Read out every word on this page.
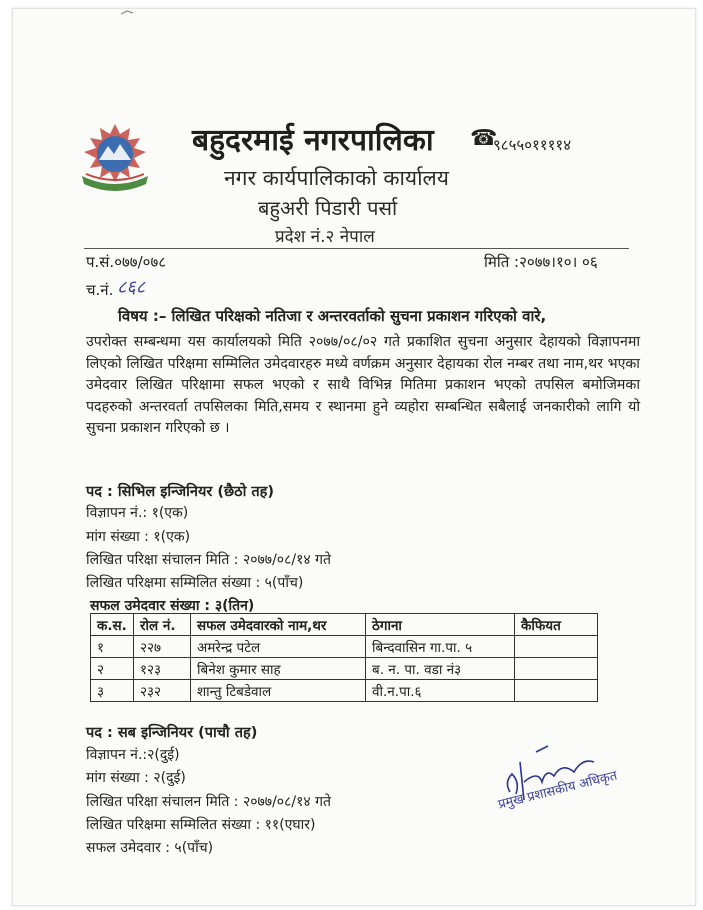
बहुदरमाई नगरपालिका ☎
९८५५०११११४
नगर कार्यपालिकाको कार्यालय
बहुअरी पिडारी पर्सा
प्रदेश नं.२ नेपाल
प.सं.०७७/०७८	मिति :२०७७।१०। ०६
च.नं. ८६८
विषय :– लिखित परिक्षको नतिजा र अन्तरवर्ताको सुचना प्रकाशन गरिएको वारे,
उपरोक्त सम्बन्धमा यस कार्यालयको मिति २०७७/०८/०२ गते प्रकाशित सुचना अनुसार देहायको विज्ञापनमा लिएको लिखित परिक्षमा सम्मिलित उमेदवारहरु मध्ये वर्णक्रम अनुसार देहायका रोल नम्बर तथा नाम,थर भएका उमेदवार लिखित परिक्षामा सफल भएको र साथै विभिन्न मितिमा प्रकाशन भएको तपसिल बमोजिमका पदहरुको अन्तरवर्ता तपसिलका मिति,समय र स्थानमा हुने व्यहोरा सम्बन्धित सबैलाई जनकारीको लागि यो सुचना प्रकाशन गरिएको छ ।
पद : सिभिल इन्जिनियर (छैठो तह)
विज्ञापन नं.: १(एक)
मांग संख्या : १(एक)
लिखित परिक्षा संचालन मिति : २०७७/०८/१४ गते
लिखित परिक्षमा सम्मिलित संख्या : ५(पाँच)
सफल उमेदवार संख्या : ३(तिन)
क.स.	रोल नं.	सफल उमेदवारको नाम,थर	ठेगाना	कैफियत
१	२२७	अमरेन्द्र पटेल	बिन्दवासिन गा.पा. ५	
२	१२३	बिनेश कुमार साह	ब. न. पा. वडा नं३	
३	२३२	शान्तु टिबडेवाल	वी.न.पा.६	
पद : सब इन्जिनियर (पाचौ तह)
विज्ञापन नं.:२(दुई)
मांग संख्या : २(दुई)
लिखित परिक्षा संचालन मिति : २०७७/०८/१४ गते
लिखित परिक्षमा सम्मिलित संख्या : ११(एघार)
सफल उमेदवार : ५(पाँच)
प्रमुख प्रशासकीय अधिकृत
